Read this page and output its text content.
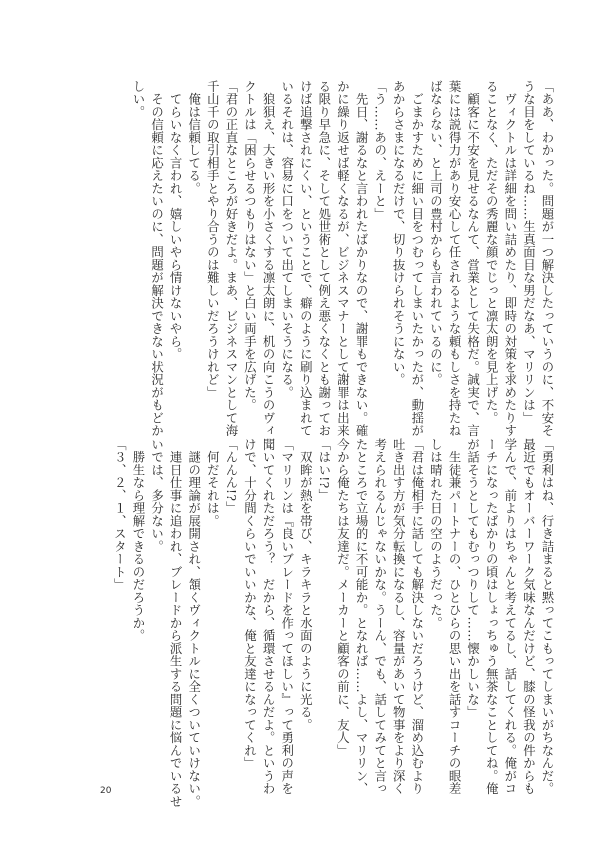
「ああ、わかった。問題が一つ解決したっていうのに、不安そ
うな目をしているね……生真面目な男だなあ、マリリンは」
　ヴィクトルは詳細を問い詰めたり、即時の対策を求めたりす
ることなく、ただその秀麗な顔でじっと凛太朗を見上げた。
　顧客に不安を見せるなんて、営業として失格だ。誠実で、言
葉には説得力があり安心して任されるような頼もしさを持たね
ばならない、と上司の豊村からも言われているのに。
　ごまかすために細い目をつむってしまいたかったが、動揺が
あからさまになるだけで、切り抜けられそうにない。
「う……あの、えーと」
　先日、謝るなと言われたばかりなので、謝罪もできない。確
かに繰り返せば軽くなるが、ビジネスマナーとして謝罪は出来
る限り早急に、そして処世術として例え悪くなくとも謝ってお
けば追撃されにくい、ということで、癖のように刷り込まれて
いるそれは、容易に口をついて出てしまいそうになる。
　狼狽え、大きい形を小さくする凛太朗に、机の向こうのヴィ
クトルは「困らせるつもりはない」と白い両手を広げた。
「君の正直なところが好きだよ。まあ、ビジネスマンとして海
千山千の取引相手とやり合うのは難しいだろうけれど」
　俺は信頼してる。
　てらいなく言われ、嬉しいやら情けないやら。
　その信頼に応えたいのに、問題が解決できない状況がもどか
しい。
「勇利はね、行き詰まると黙ってこもってしまいがちなんだ。
最近でもオーバーワーク気味なんだけど、膝の怪我の件からも
学んで、前よりはちゃんと考えてるし、話してくれる。俺がコ
ーチになったばかりの頃はしょっちゅう無茶なことしてね。俺
が話そうとしてもむっつりして……懐かしいな」
　生徒兼パートナーの、ひとひらの思い出を話すコーチの眼差
しは晴れた日の空のようだった。
「君は俺相手に話しても解決しないだろうけど、溜め込むより
吐き出す方が気分転換になるし、容量があいて物事をより深く
考えられるんじゃないかな。うーん、でも、話してみてと言っ
たところで立場的に不可能か。となれば……よし、マリリン、
今から俺たちは友達だ。メーカーと顧客の前に、友人」
「はい!?」
　双眸が熱を帯び、キラキラと水面のように光る。
「マリリンは『良いブレードを作ってほしい』って勇利の声を
聞いてくれただろう？　だから、循環させるんだよ。というわ
けで、十分間くらいでいいかな、俺と友達になってくれ」
「んんん!?」
　何だそれは。
　謎の理論が展開され、頷くヴィクトルに全くついていけない。
　連日仕事に追われ、ブレードから派生する問題に悩んでいるせ
いでは、多分ない。
　勝生なら理解できるのだろうか。
「３、２、１、スタート」
20
